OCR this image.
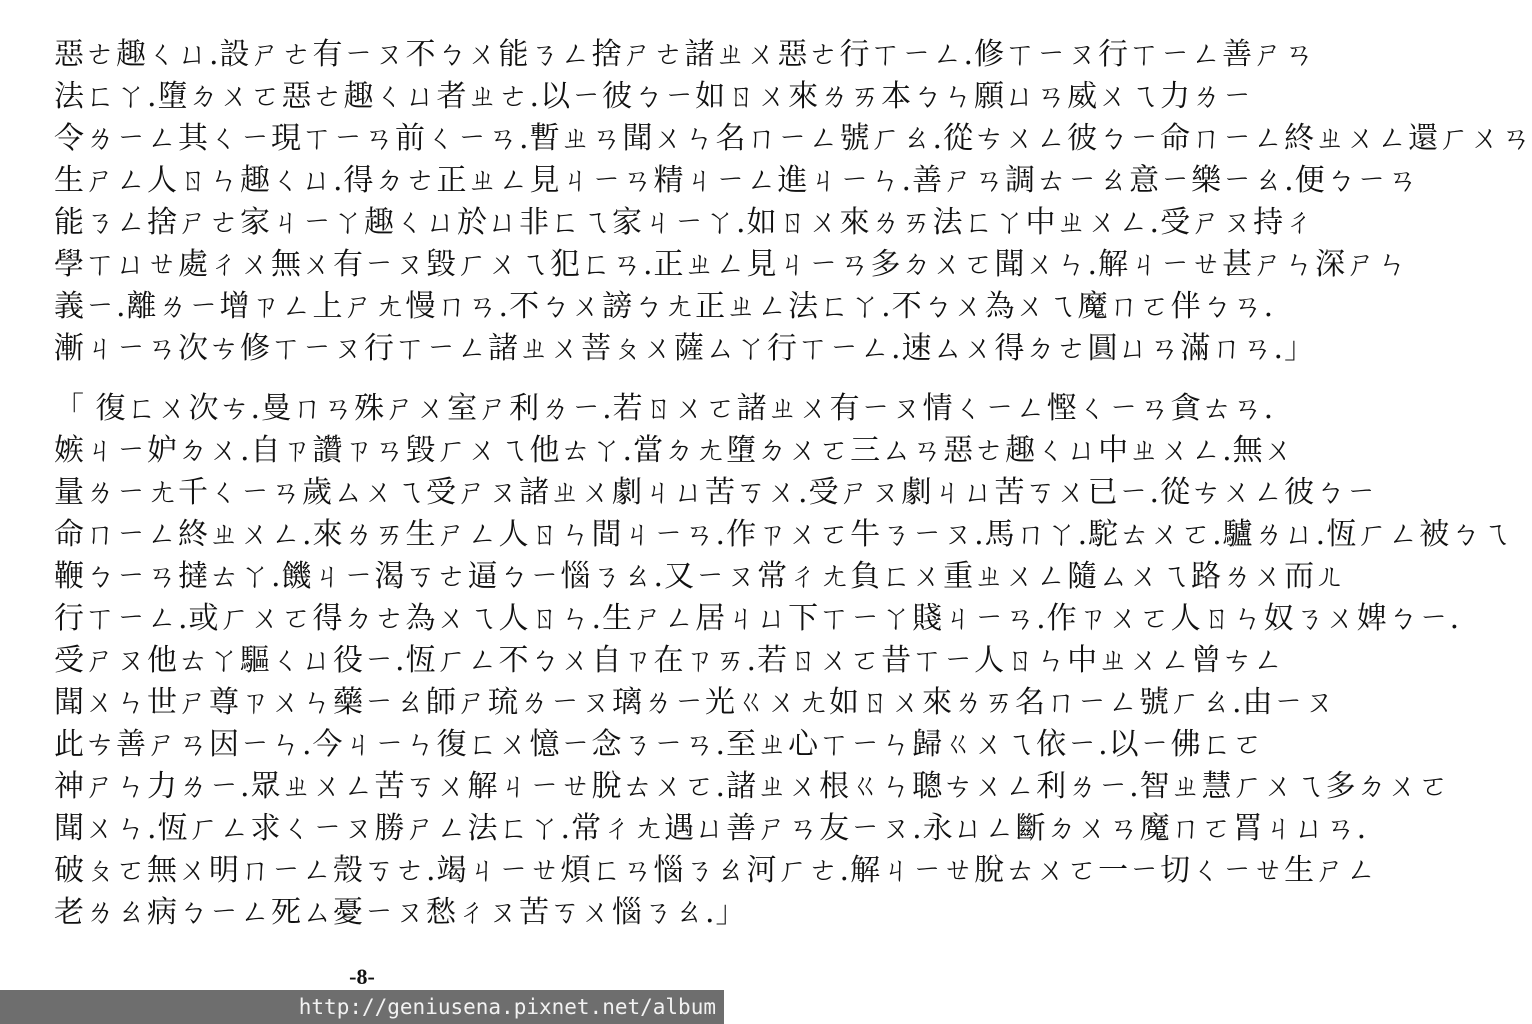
惡ㄜ趣ㄑㄩ.設ㄕㄜ有ㄧㄡ不ㄅㄨ能ㄋㄥ捨ㄕㄜ諸ㄓㄨ惡ㄜ行ㄒㄧㄥ.修ㄒㄧㄡ行ㄒㄧㄥ善ㄕㄢ
法ㄈㄚ.墮ㄉㄨㄛ惡ㄜ趣ㄑㄩ者ㄓㄜ.以ㄧ彼ㄅㄧ如ㄖㄨ來ㄌㄞ本ㄅㄣ願ㄩㄢ威ㄨㄟ力ㄌㄧ
令ㄌㄧㄥ其ㄑㄧ現ㄒㄧㄢ前ㄑㄧㄢ.暫ㄓㄢ聞ㄨㄣ名ㄇㄧㄥ號ㄏㄠ.從ㄘㄨㄥ彼ㄅㄧ命ㄇㄧㄥ終ㄓㄨㄥ還ㄏㄨㄢ
生ㄕㄥ人ㄖㄣ趣ㄑㄩ.得ㄉㄜ正ㄓㄥ見ㄐㄧㄢ精ㄐㄧㄥ進ㄐㄧㄣ.善ㄕㄢ調ㄊㄧㄠ意ㄧ樂ㄧㄠ.便ㄅㄧㄢ
能ㄋㄥ捨ㄕㄜ家ㄐㄧㄚ趣ㄑㄩ於ㄩ非ㄈㄟ家ㄐㄧㄚ.如ㄖㄨ來ㄌㄞ法ㄈㄚ中ㄓㄨㄥ.受ㄕㄡ持ㄔ
學ㄒㄩㄝ處ㄔㄨ無ㄨ有ㄧㄡ毀ㄏㄨㄟ犯ㄈㄢ.正ㄓㄥ見ㄐㄧㄢ多ㄉㄨㄛ聞ㄨㄣ.解ㄐㄧㄝ甚ㄕㄣ深ㄕㄣ
義ㄧ.離ㄌㄧ增ㄗㄥ上ㄕㄤ慢ㄇㄢ.不ㄅㄨ謗ㄅㄤ正ㄓㄥ法ㄈㄚ.不ㄅㄨ為ㄨㄟ魔ㄇㄛ伴ㄅㄢ.
漸ㄐㄧㄢ次ㄘ修ㄒㄧㄡ行ㄒㄧㄥ諸ㄓㄨ菩ㄆㄨ薩ㄙㄚ行ㄒㄧㄥ.速ㄙㄨ得ㄉㄜ圓ㄩㄢ滿ㄇㄢ.」
「 復ㄈㄨ次ㄘ.曼ㄇㄢ殊ㄕㄨ室ㄕ利ㄌㄧ.若ㄖㄨㄛ諸ㄓㄨ有ㄧㄡ情ㄑㄧㄥ慳ㄑㄧㄢ貪ㄊㄢ.
嫉ㄐㄧ妒ㄉㄨ.自ㄗ讚ㄗㄢ毀ㄏㄨㄟ他ㄊㄚ.當ㄉㄤ墮ㄉㄨㄛ三ㄙㄢ惡ㄜ趣ㄑㄩ中ㄓㄨㄥ.無ㄨ
量ㄌㄧㄤ千ㄑㄧㄢ歲ㄙㄨㄟ受ㄕㄡ諸ㄓㄨ劇ㄐㄩ苦ㄎㄨ.受ㄕㄡ劇ㄐㄩ苦ㄎㄨ已ㄧ.從ㄘㄨㄥ彼ㄅㄧ
命ㄇㄧㄥ終ㄓㄨㄥ.來ㄌㄞ生ㄕㄥ人ㄖㄣ間ㄐㄧㄢ.作ㄗㄨㄛ牛ㄋㄧㄡ.馬ㄇㄚ.駝ㄊㄨㄛ.驢ㄌㄩ.恆ㄏㄥ被ㄅㄟ
鞭ㄅㄧㄢ撻ㄊㄚ.饑ㄐㄧ渴ㄎㄜ逼ㄅㄧ惱ㄋㄠ.又ㄧㄡ常ㄔㄤ負ㄈㄨ重ㄓㄨㄥ隨ㄙㄨㄟ路ㄌㄨ而ㄦ
行ㄒㄧㄥ.或ㄏㄨㄛ得ㄉㄜ為ㄨㄟ人ㄖㄣ.生ㄕㄥ居ㄐㄩ下ㄒㄧㄚ賤ㄐㄧㄢ.作ㄗㄨㄛ人ㄖㄣ奴ㄋㄨ婢ㄅㄧ.
受ㄕㄡ他ㄊㄚ驅ㄑㄩ役ㄧ.恆ㄏㄥ不ㄅㄨ自ㄗ在ㄗㄞ.若ㄖㄨㄛ昔ㄒㄧ人ㄖㄣ中ㄓㄨㄥ曾ㄘㄥ
聞ㄨㄣ世ㄕ尊ㄗㄨㄣ藥ㄧㄠ師ㄕ琉ㄌㄧㄡ璃ㄌㄧ光ㄍㄨㄤ如ㄖㄨ來ㄌㄞ名ㄇㄧㄥ號ㄏㄠ.由ㄧㄡ
此ㄘ善ㄕㄢ因ㄧㄣ.今ㄐㄧㄣ復ㄈㄨ憶ㄧ念ㄋㄧㄢ.至ㄓ心ㄒㄧㄣ歸ㄍㄨㄟ依ㄧ.以ㄧ佛ㄈㄛ
神ㄕㄣ力ㄌㄧ.眾ㄓㄨㄥ苦ㄎㄨ解ㄐㄧㄝ脫ㄊㄨㄛ.諸ㄓㄨ根ㄍㄣ聰ㄘㄨㄥ利ㄌㄧ.智ㄓ慧ㄏㄨㄟ多ㄉㄨㄛ
聞ㄨㄣ.恆ㄏㄥ求ㄑㄧㄡ勝ㄕㄥ法ㄈㄚ.常ㄔㄤ遇ㄩ善ㄕㄢ友ㄧㄡ.永ㄩㄥ斷ㄉㄨㄢ魔ㄇㄛ罥ㄐㄩㄢ.
破ㄆㄛ無ㄨ明ㄇㄧㄥ殼ㄎㄜ.竭ㄐㄧㄝ煩ㄈㄢ惱ㄋㄠ河ㄏㄜ.解ㄐㄧㄝ脫ㄊㄨㄛ一ㄧ切ㄑㄧㄝ生ㄕㄥ
老ㄌㄠ病ㄅㄧㄥ死ㄙ憂ㄧㄡ愁ㄔㄡ苦ㄎㄨ惱ㄋㄠ.」
-8-
http://geniusena.pixnet.net/album
